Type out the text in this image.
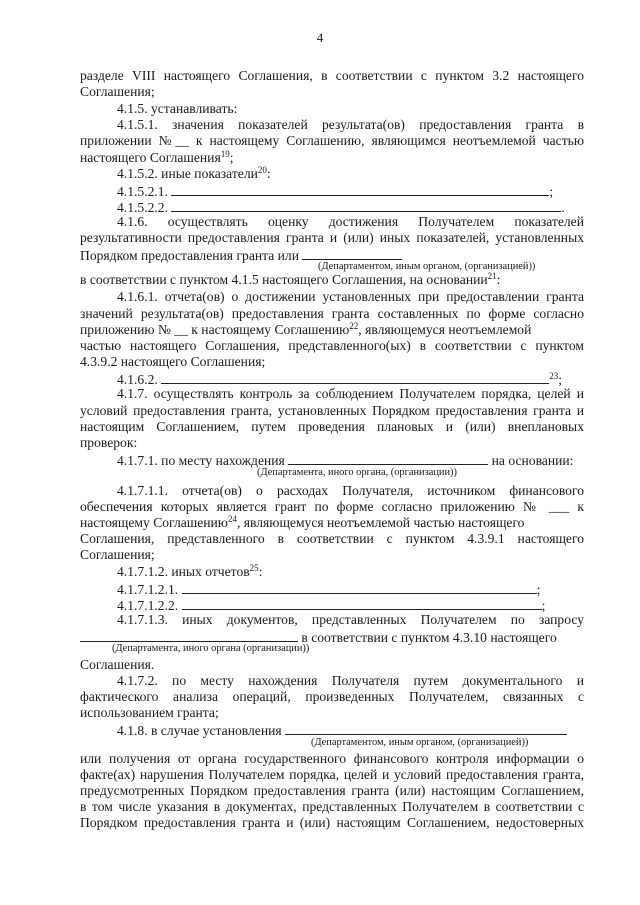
4
разделе VIII настоящего Соглашения, в соответствии с пунктом 3.2 настоящего
Соглашения;
4.1.5. устанавливать:
4.1.5.1. значения показателей результата(ов) предоставления гранта в
приложении №__ к настоящему Соглашению, являющимся неотъемлемой частью
настоящего Соглашения$^{19}$;
4.1.5.2. иные показатели$^{20}$:
4.1.5.2.1.	;
4.1.5.2.2.	.
4.1.6. осуществлять оценку достижения Получателем показателей
результативности предоставления гранта и (или) иных показателей, установленных
Порядком предоставления гранта или
(Департаментом, иным органом, (организацией))
в соответствии с пунктом 4.1.5 настоящего Соглашения, на основании$^{21}$:
4.1.6.1. отчета(ов) о достижении установленных при предоставлении гранта
значений результата(ов) предоставления гранта составленных по форме согласно
приложению № __ к настоящему Соглашению$^{22}$, являющемуся неотъемлемой
частью настоящего Соглашения, представленного(ых) в соответствии с пунктом
4.3.9.2 настоящего Соглашения;
4.1.6.2.	$^{23}$;
4.1.7. осуществлять контроль за соблюдением Получателем порядка, целей и
условий предоставления гранта, установленных Порядком предоставления гранта и
настоящим Соглашением, путем проведения плановых и (или) внеплановых
проверок:
4.1.7.1. по месту нахождения	на основании:
(Департамента, иного органа, (организации))
4.1.7.1.1. отчета(ов) о расходах Получателя, источником финансового
обеспечения которых является грант по форме согласно приложению № ___ к
настоящему Соглашению$^{24}$, являющемуся неотъемлемой частью настоящего
Соглашения, представленного в соответствии с пунктом 4.3.9.1 настоящего
Соглашения;
4.1.7.1.2. иных отчетов$^{25}$:
4.1.7.1.2.1.	;
4.1.7.1.2.2.	;
4.1.7.1.3. иных документов, представленных Получателем по запросу
в соответствии с пунктом 4.3.10 настоящего
(Департамента, иного органа (организации))
Соглашения.
4.1.7.2. по месту нахождения Получателя путем документального и
фактического анализа операций, произведенных Получателем, связанных с
использованием гранта;
4.1.8. в случае установления
(Департаментом, иным органом, (организацией))
или получения от органа государственного финансового контроля информации о
факте(ах) нарушения Получателем порядка, целей и условий предоставления гранта,
предусмотренных Порядком предоставления гранта (или) настоящим Соглашением,
в том числе указания в документах, представленных Получателем в соответствии с
Порядком предоставления гранта и (или) настоящим Соглашением, недостоверных
